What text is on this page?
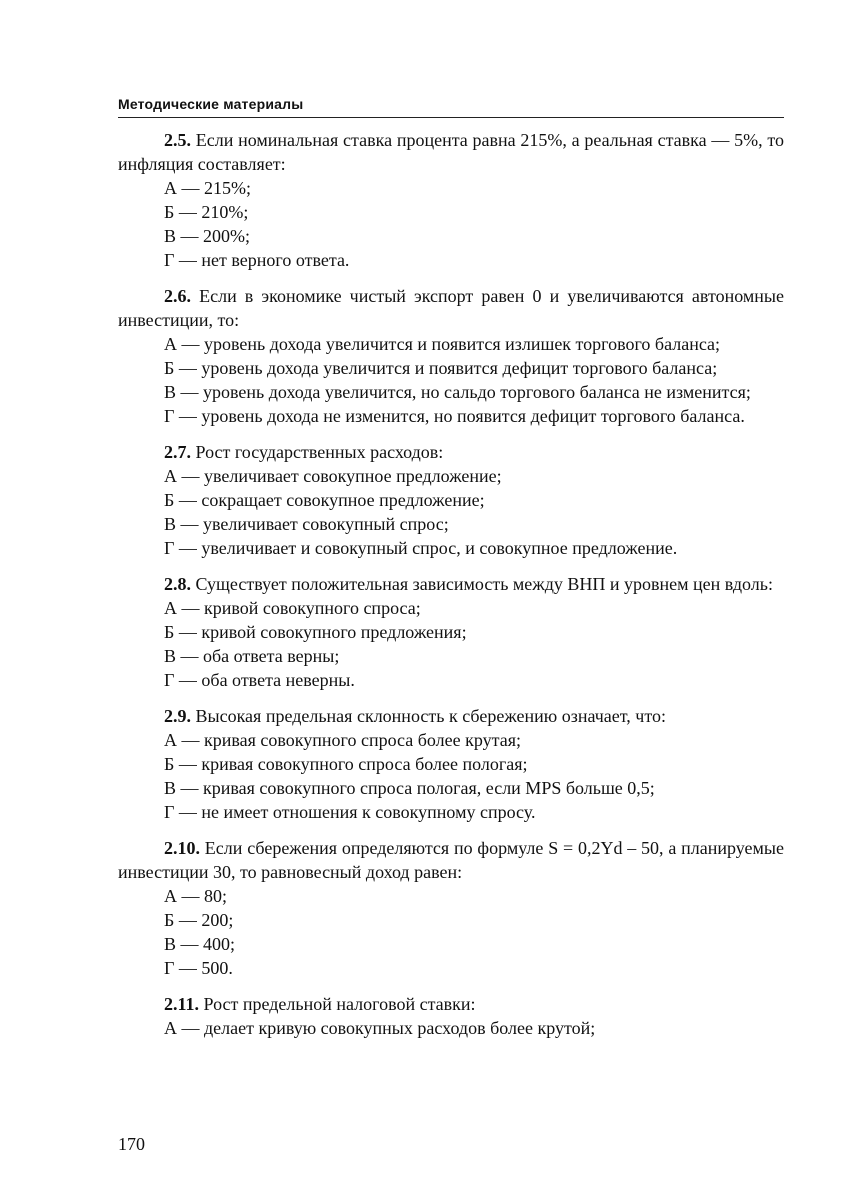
Методические материалы
2.5. Если номинальная ставка процента равна 215%, а реальная ставка — 5%, то инфляция составляет:
А — 215%;
Б — 210%;
В — 200%;
Г — нет верного ответа.
2.6. Если в экономике чистый экспорт равен 0 и увеличиваются автономные инвестиции, то:
А — уровень дохода увеличится и появится излишек торгового баланса;
Б — уровень дохода увеличится и появится дефицит торгового баланса;
В — уровень дохода увеличится, но сальдо торгового баланса не изменится;
Г — уровень дохода не изменится, но появится дефицит торгового баланса.
2.7. Рост государственных расходов:
А — увеличивает совокупное предложение;
Б — сокращает совокупное предложение;
В — увеличивает совокупный спрос;
Г — увеличивает и совокупный спрос, и совокупное предложение.
2.8. Существует положительная зависимость между ВНП и уровнем цен вдоль:
А — кривой совокупного спроса;
Б — кривой совокупного предложения;
В — оба ответа верны;
Г — оба ответа неверны.
2.9. Высокая предельная склонность к сбережению означает, что:
А — кривая совокупного спроса более крутая;
Б — кривая совокупного спроса более пологая;
В — кривая совокупного спроса пологая, если MPS больше 0,5;
Г — не имеет отношения к совокупному спросу.
2.10. Если сбережения определяются по формуле S = 0,2Yd – 50, а планируемые инвестиции 30, то равновесный доход равен:
А — 80;
Б — 200;
В — 400;
Г — 500.
2.11. Рост предельной налоговой ставки:
А — делает кривую совокупных расходов более крутой;
170
